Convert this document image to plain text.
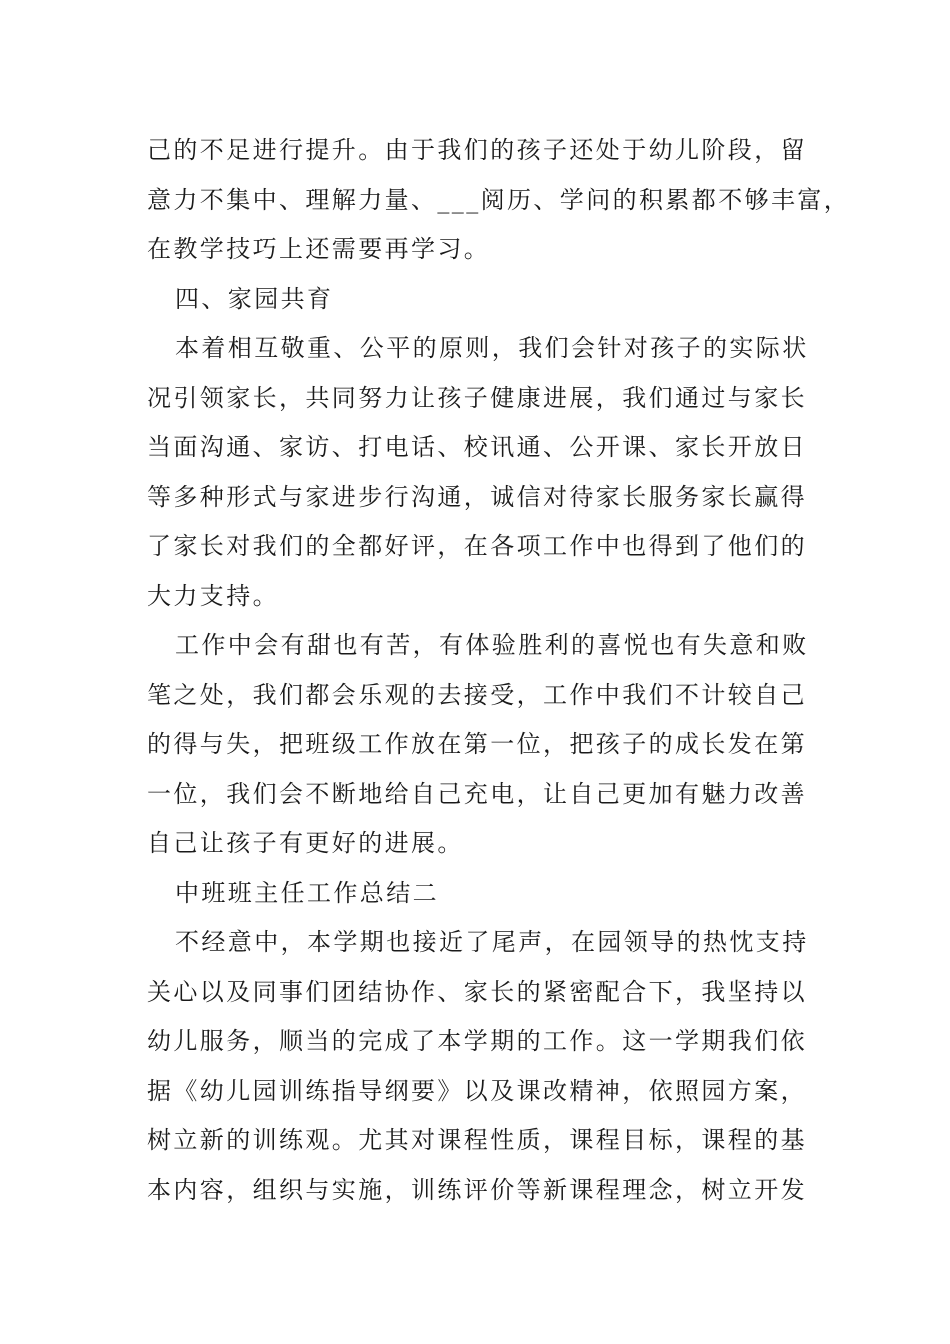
己的不足进行提升。由于我们的孩子还处于幼儿阶段，留
意力不集中、理解力量、___阅历、学问的积累都不够丰富，
在教学技巧上还需要再学习。
四、家园共育
本着相互敬重、公平的原则，我们会针对孩子的实际状
况引领家长，共同努力让孩子健康进展，我们通过与家长
当面沟通、家访、打电话、校讯通、公开课、家长开放日
等多种形式与家进步行沟通，诚信对待家长服务家长赢得
了家长对我们的全都好评，在各项工作中也得到了他们的
大力支持。
工作中会有甜也有苦，有体验胜利的喜悦也有失意和败
笔之处，我们都会乐观的去接受，工作中我们不计较自己
的得与失，把班级工作放在第一位，把孩子的成长发在第
一位，我们会不断地给自己充电，让自己更加有魅力改善
自己让孩子有更好的进展。
中班班主任工作总结二
不经意中，本学期也接近了尾声，在园领导的热忱支持
关心以及同事们团结协作、家长的紧密配合下，我坚持以
幼儿服务，顺当的完成了本学期的工作。这一学期我们依
据《幼儿园训练指导纲要》以及课改精神，依照园方案，
树立新的训练观。尤其对课程性质，课程目标，课程的基
本内容，组织与实施，训练评价等新课程理念，树立开发
